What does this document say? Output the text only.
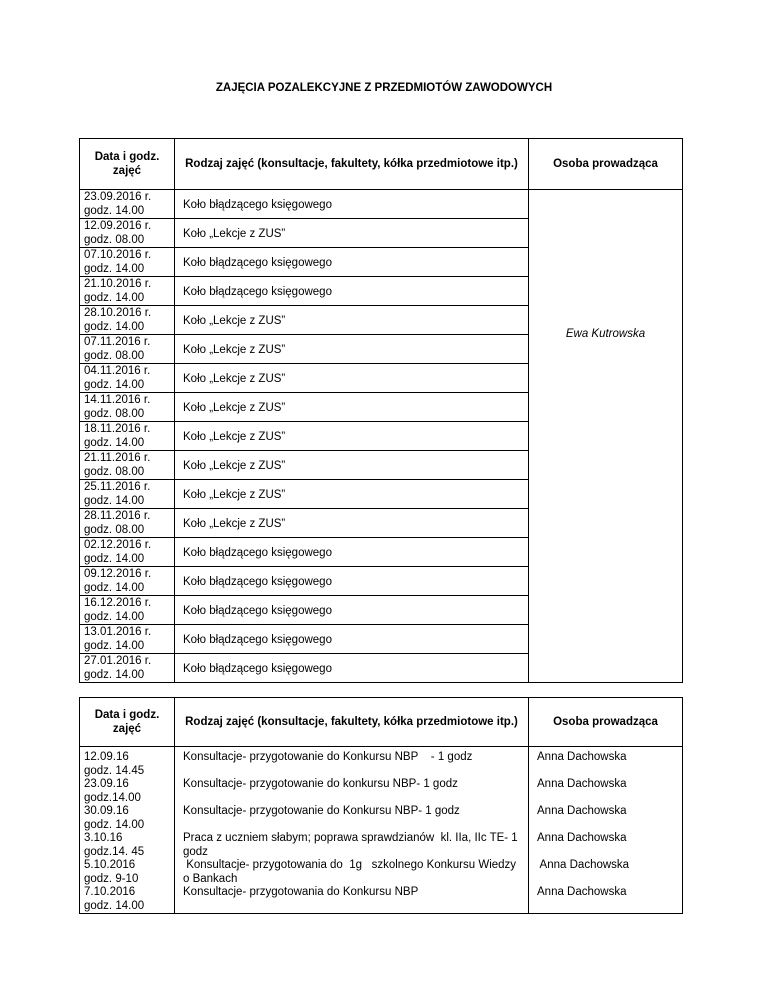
ZAJĘCIA POZALEKCYJNE Z PRZEDMIOTÓW ZAWODOWYCH
Data i godz. zajęć	Rodzaj zajęć (konsultacje, fakultety, kółka przedmiotowe itp.)	Osoba prowadząca

23.09.2016 r.
godz. 14.00	Koło błądzącego księgowego	Ewa Kutrowska

12.09.2016 r.
godz. 08.00	Koło „Lekcje z ZUS”	

07.10.2016 r.
godz. 14.00	Koło błądzącego księgowego	

21.10.2016 r.
godz. 14.00	Koło błądzącego księgowego	

28.10.2016 r.
godz. 14.00	Koło „Lekcje z ZUS”	

07.11.2016 r.
godz. 08.00	Koło „Lekcje z ZUS”	

04.11.2016 r.
godz. 14.00	Koło „Lekcje z ZUS”	

14.11.2016 r.
godz. 08.00	Koło „Lekcje z ZUS”	

18.11.2016 r.
godz. 14.00	Koło „Lekcje z ZUS”	

21.11.2016 r.
godz. 08.00	Koło „Lekcje z ZUS”	

25.11.2016 r.
godz. 14.00	Koło „Lekcje z ZUS”	

28.11.2016 r.
godz. 08.00	Koło „Lekcje z ZUS”	

02.12.2016 r.
godz. 14.00	Koło błądzącego księgowego	

09.12.2016 r.
godz. 14.00	Koło błądzącego księgowego	

16.12.2016 r.
godz. 14.00	Koło błądzącego księgowego	

13.01.2016 r.
godz. 14.00	Koło błądzącego księgowego	

27.01.2016 r.
godz. 14.00	Koło błądzącego księgowego	
Data i godz. zajęć	Rodzaj zajęć (konsultacje, fakultety, kółka przedmiotowe itp.)	Osoba prowadząca

12.09.16
godz. 14.45	Konsultacje- przygotowanie do Konkursu NBP    - 1 godz	Anna Dachowska

23.09.16
godz.14.00	Konsultacje- przygotowanie do konkursu NBP- 1 godz	Anna Dachowska

30.09.16
godz. 14.00	Konsultacje- przygotowanie do Konkursu NBP- 1 godz	Anna Dachowska

3.10.16
godz.14. 45	Praca z uczniem słabym; poprawa sprawdzianów  kl. IIa, IIc TE- 1 godz	Anna Dachowska

5.10.2016
godz. 9-10	Konsultacje- przygotowania do  1g   szkolnego Konkursu Wiedzy o Bankach	Anna Dachowska

7.10.2016
godz. 14.00	Konsultacje- przygotowania do Konkursu NBP	Anna Dachowska
